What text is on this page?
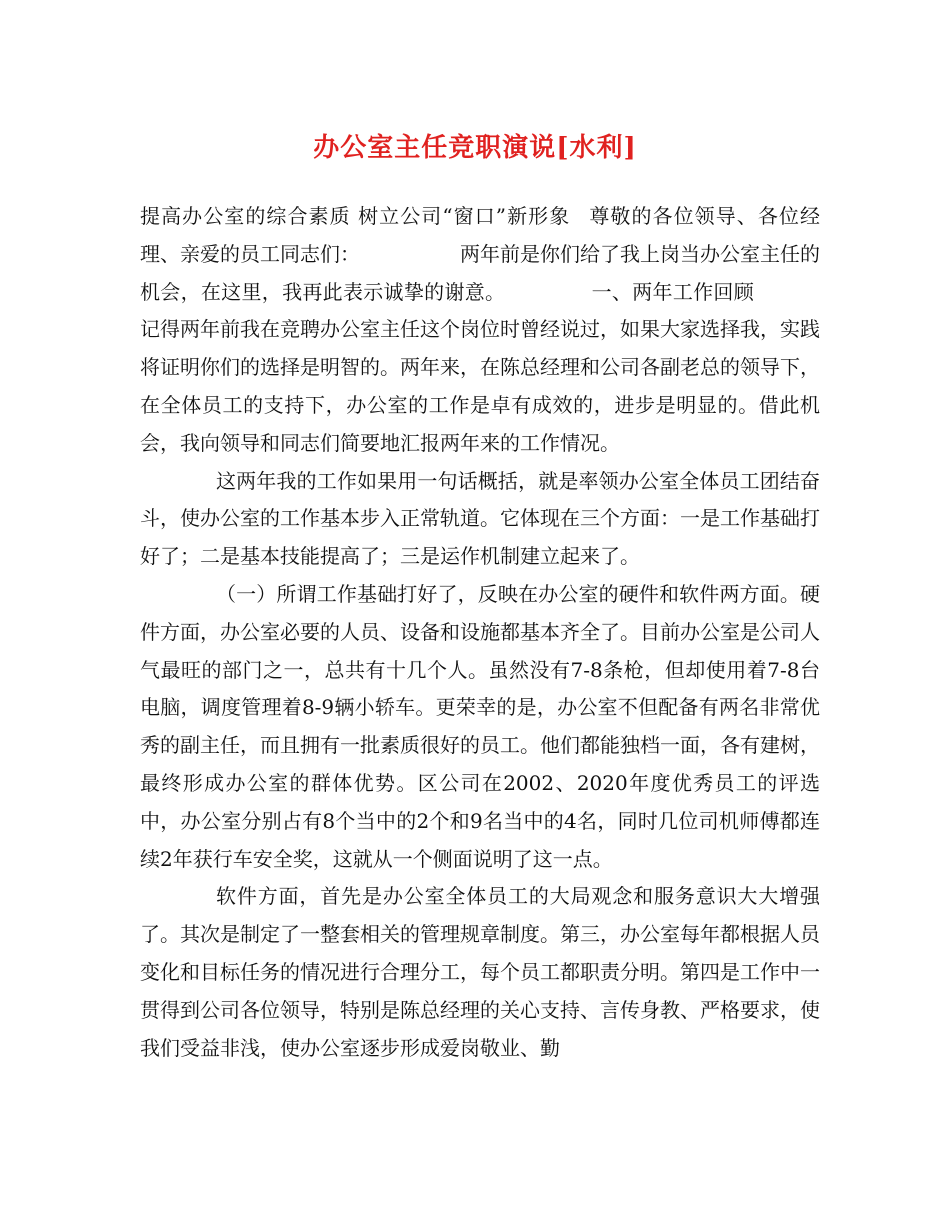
办公室主任竞职演说[水利]

提高办公室的综合素质 树立公司“窗口”新形象 尊敬的各位领导、各位经理、亲爱的员工同志们：	两年前是你们给了我上岗当办公室主任的机会，在这里，我再此表示诚挚的谢意。	一、两年工作回顾记得两年前我在竞聘办公室主任这个岗位时曾经说过，如果大家选择我，实践将证明你们的选择是明智的。两年来，在陈总经理和公司各副老总的领导下，在全体员工的支持下，办公室的工作是卓有成效的，进步是明显的。借此机会，我向领导和同志们简要地汇报两年来的工作情况。

这两年我的工作如果用一句话概括，就是率领办公室全体员工团结奋斗，使办公室的工作基本步入正常轨道。它体现在三个方面：一是工作基础打好了；二是基本技能提高了；三是运作机制建立起来了。

（一）所谓工作基础打好了，反映在办公室的硬件和软件两方面。硬件方面，办公室必要的人员、设备和设施都基本齐全了。目前办公室是公司人气最旺的部门之一，总共有十几个人。虽然没有7-8条枪，但却使用着7-8台电脑，调度管理着8-9辆小轿车。更荣幸的是，办公室不但配备有两名非常优秀的副主任，而且拥有一批素质很好的员工。他们都能独档一面，各有建树，最终形成办公室的群体优势。区公司在2002、2020年度优秀员工的评选中，办公室分别占有8个当中的2个和9名当中的4名，同时几位司机师傅都连续2年获行车安全奖，这就从一个侧面说明了这一点。

软件方面，首先是办公室全体员工的大局观念和服务意识大大增强了。其次是制定了一整套相关的管理规章制度。第三，办公室每年都根据人员变化和目标任务的情况进行合理分工，每个员工都职责分明。第四是工作中一贯得到公司各位领导，特别是陈总经理的关心支持、言传身教、严格要求，使我们受益非浅，使办公室逐步形成爱岗敬业、勤
